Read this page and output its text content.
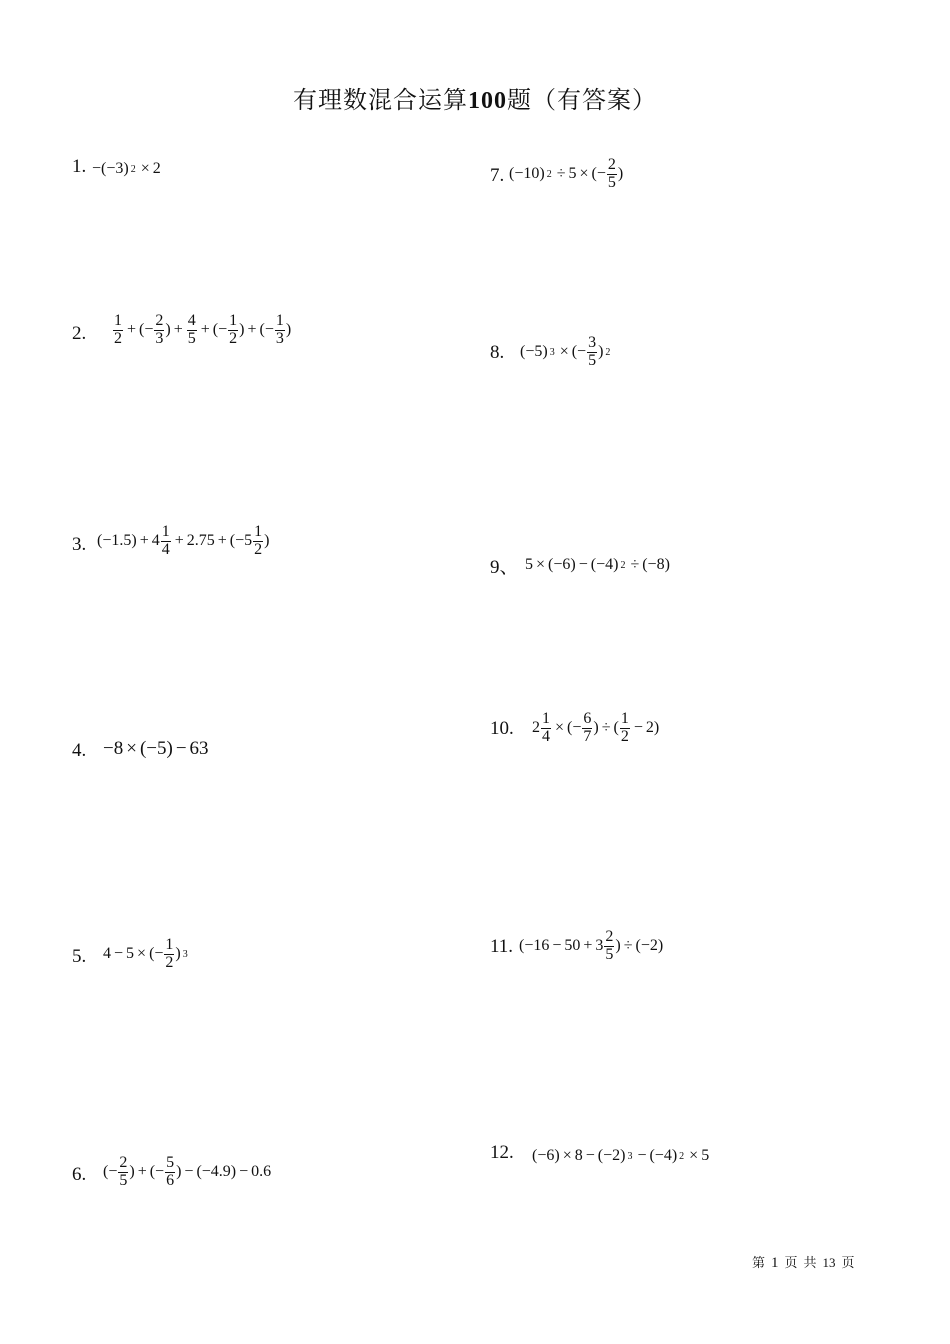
有理数混合运算100题（有答案）
1. −(−3) 2 × 2
2. $\frac{1}{2}$ + (− $\frac{2}{3}$ ) + $\frac{4}{5}$ + (− $\frac{1}{2}$ ) + (− $\frac{1}{3}$ )
3. $(-1.5) + 4 \frac{1}{4} + 2.75$ + (− $5 \frac{1}{2}$ )
4. −8 × (−5) − 63
5. 4 − 5 × (− $\frac{1}{2}$ ) 3
6. (− $\frac{2}{5}$ ) + (− $\frac{5}{6}$ ) − (−4.9) − 0.6
7. (−10) 2 ÷ 5 × (− $\frac{2}{5}$ )
8. (−5) 3 × (− $\frac{3}{5}$ ) 2
9、 5 × (−6) − (−4) 2 ÷ (−8)
10. $2 \frac{1}{4}$ × (− $\frac{6}{7}$ ) ÷ ( $\frac{1}{2} - 2$)
11. ($-16 - 50 + 3 \frac{2}{5}$ ) ÷ (−2)
12. (−6) × 8 − (−2) 3 − (−4) 2 × 5
第 1 页 共 13 页
